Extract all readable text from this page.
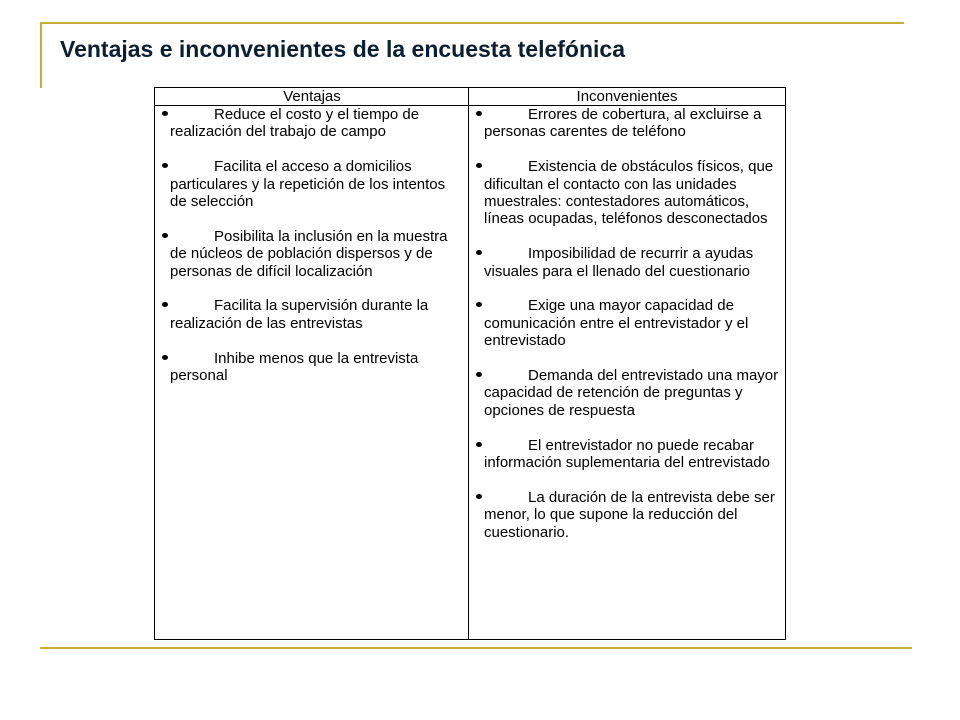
Ventajas e inconvenientes de la encuesta telefónica
Ventajas
Reduce el costo y el tiempo de realización del trabajo de campo
Facilita el acceso a domicilios particulares y la repetición de los intentos de selección
Posibilita la inclusión en la muestra de núcleos de población dispersos y de personas de difícil localización
Facilita la supervisión durante la realización de las entrevistas
Inhibe menos que la entrevista personal
Inconvenientes
Errores de cobertura, al excluirse a personas carentes de teléfono
Existencia de obstáculos físicos, que dificultan el contacto con las unidades muestrales: contestadores automáticos, líneas ocupadas, teléfonos desconectados
Imposibilidad de recurrir a ayudas visuales para el llenado del cuestionario
Exige una mayor capacidad de comunicación entre el entrevistador y el entrevistado
Demanda del entrevistado una mayor capacidad de retención de preguntas y opciones de respuesta
El entrevistador no puede recabar información suplementaria del entrevistado
La duración de la entrevista debe ser menor, lo que supone la reducción del cuestionario.
